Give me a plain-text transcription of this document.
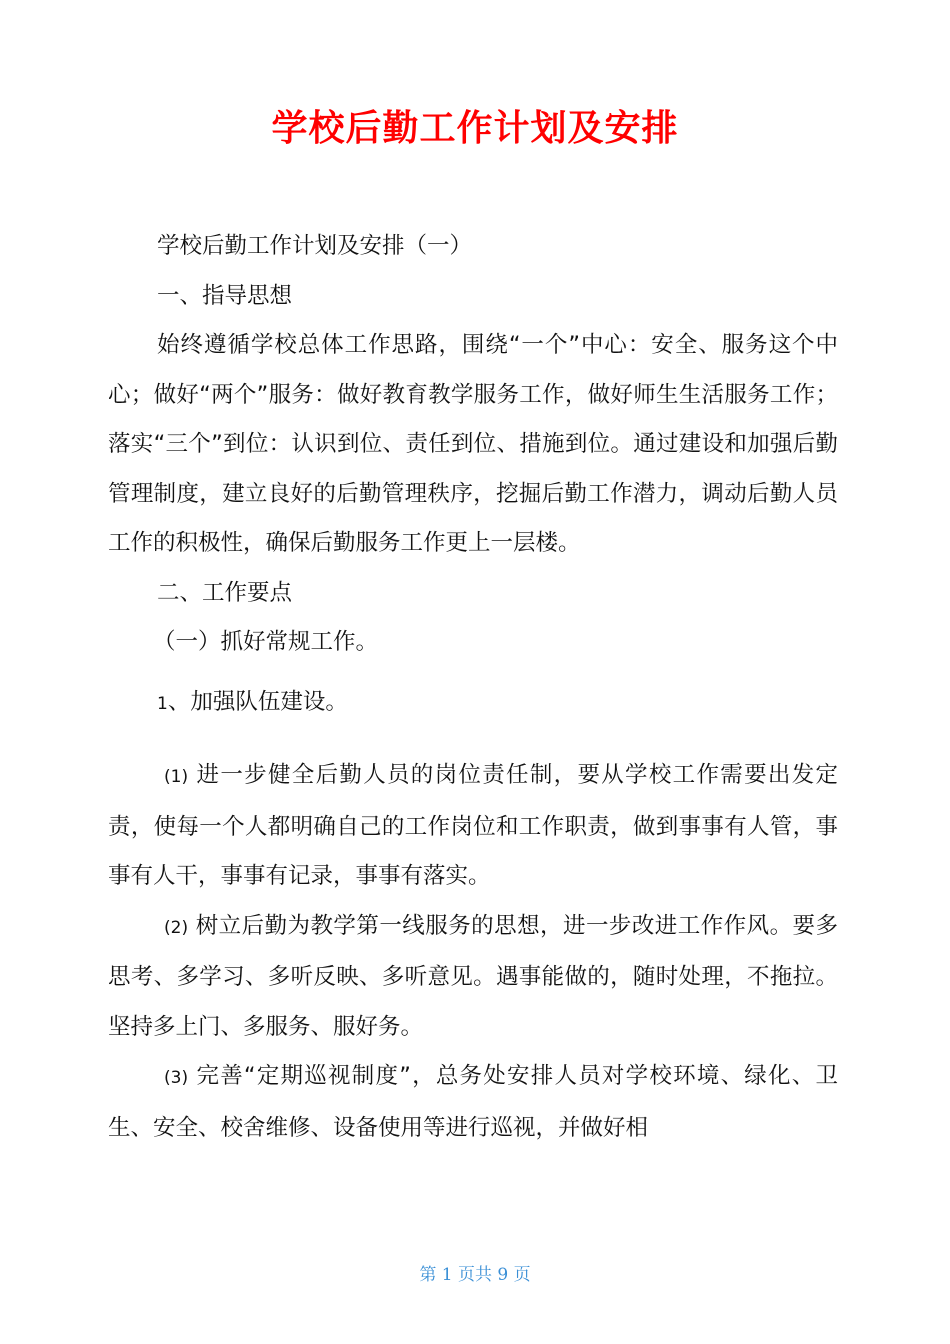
学校后勤工作计划及安排

学校后勤工作计划及安排（一）

一、指导思想

始终遵循学校总体工作思路，围绕“一个”中心：安全、服务这个中心；做好“两个”服务：做好教育教学服务工作，做好师生生活服务工作；落实“三个”到位：认识到位、责任到位、措施到位。通过建设和加强后勤管理制度，建立良好的后勤管理秩序，挖掘后勤工作潜力，调动后勤人员工作的积极性，确保后勤服务工作更上一层楼。

二、工作要点

（一）抓好常规工作。

1、加强队伍建设。

(1) 进一步健全后勤人员的岗位责任制，要从学校工作需要出发定责，使每一个人都明确自己的工作岗位和工作职责，做到事事有人管，事事有人干，事事有记录，事事有落实。

(2) 树立后勤为教学第一线服务的思想，进一步改进工作作风。要多思考、多学习、多听反映、多听意见。遇事能做的，随时处理，不拖拉。坚持多上门、多服务、服好务。

(3) 完善“定期巡视制度”，总务处安排人员对学校环境、绿化、卫生、安全、校舍维修、设备使用等进行巡视，并做好相

第 1 页共 9 页
